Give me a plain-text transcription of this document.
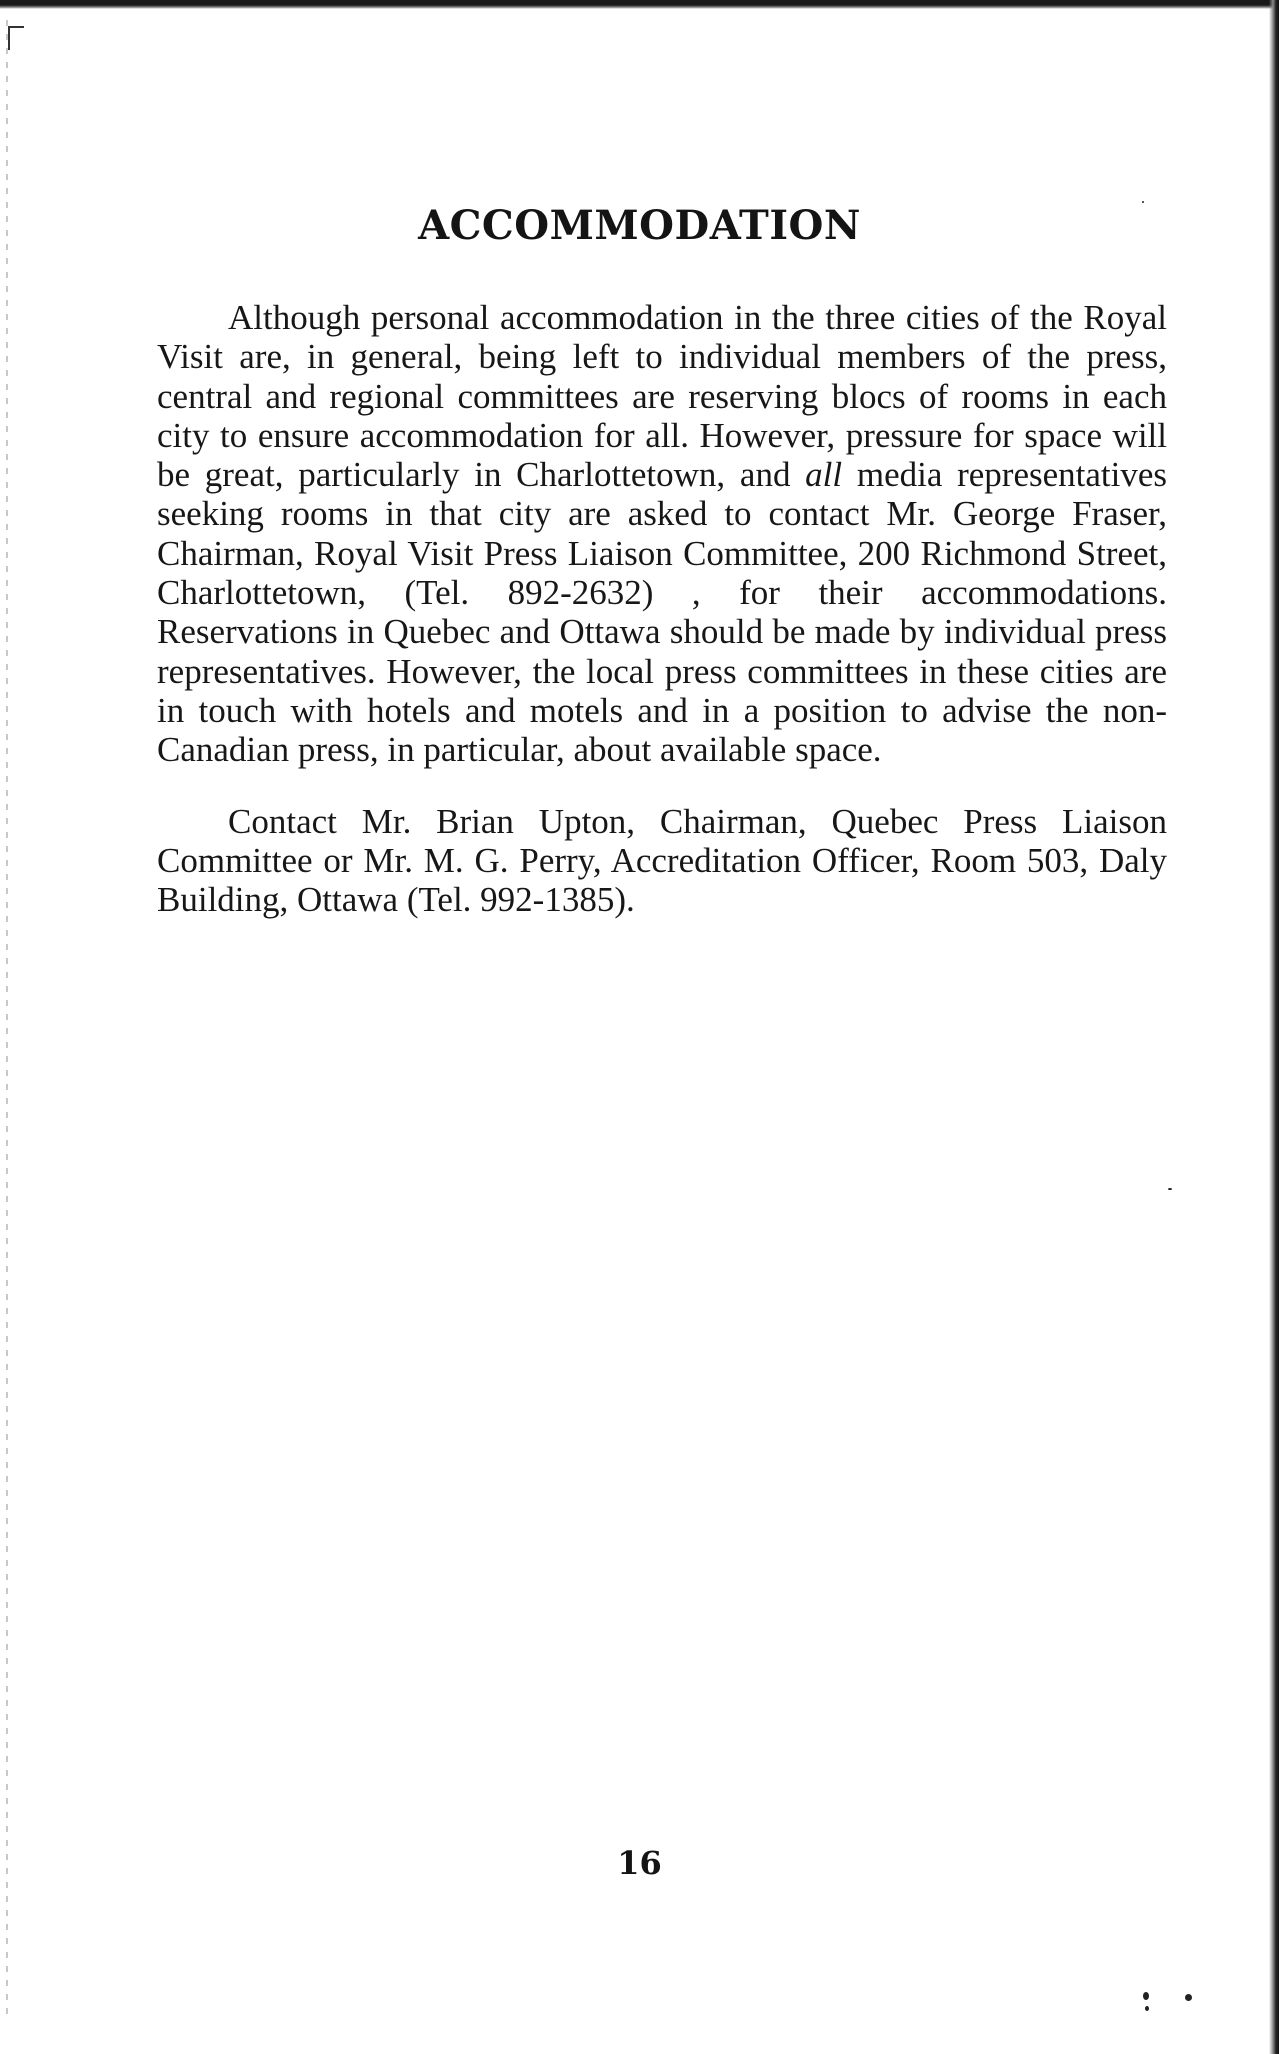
ACCOMMODATION

Although personal accommodation in the three cities of the Royal Visit are, in general, being left to individual members of the press, central and regional committees are reserving blocs of rooms in each city to ensure accommodation for all. However, pressure for space will be great, particularly in Charlottetown, and all media representatives seeking rooms in that city are asked to contact Mr. George Fraser, Chairman, Royal Visit Press Liaison Committee, 200 Richmond Street, Charlottetown, (Tel. 892-2632) , for their accommodations. Reservations in Quebec and Ottawa should be made by individual press representatives. However, the local press committees in these cities are in touch with hotels and motels and in a position to advise the non-Canadian press, in particular, about available space.

Contact Mr. Brian Upton, Chairman, Quebec Press Liaison Committee or Mr. M. G. Perry, Accreditation Officer, Room 503, Daly Building, Ottawa (Tel. 992-1385).

16
